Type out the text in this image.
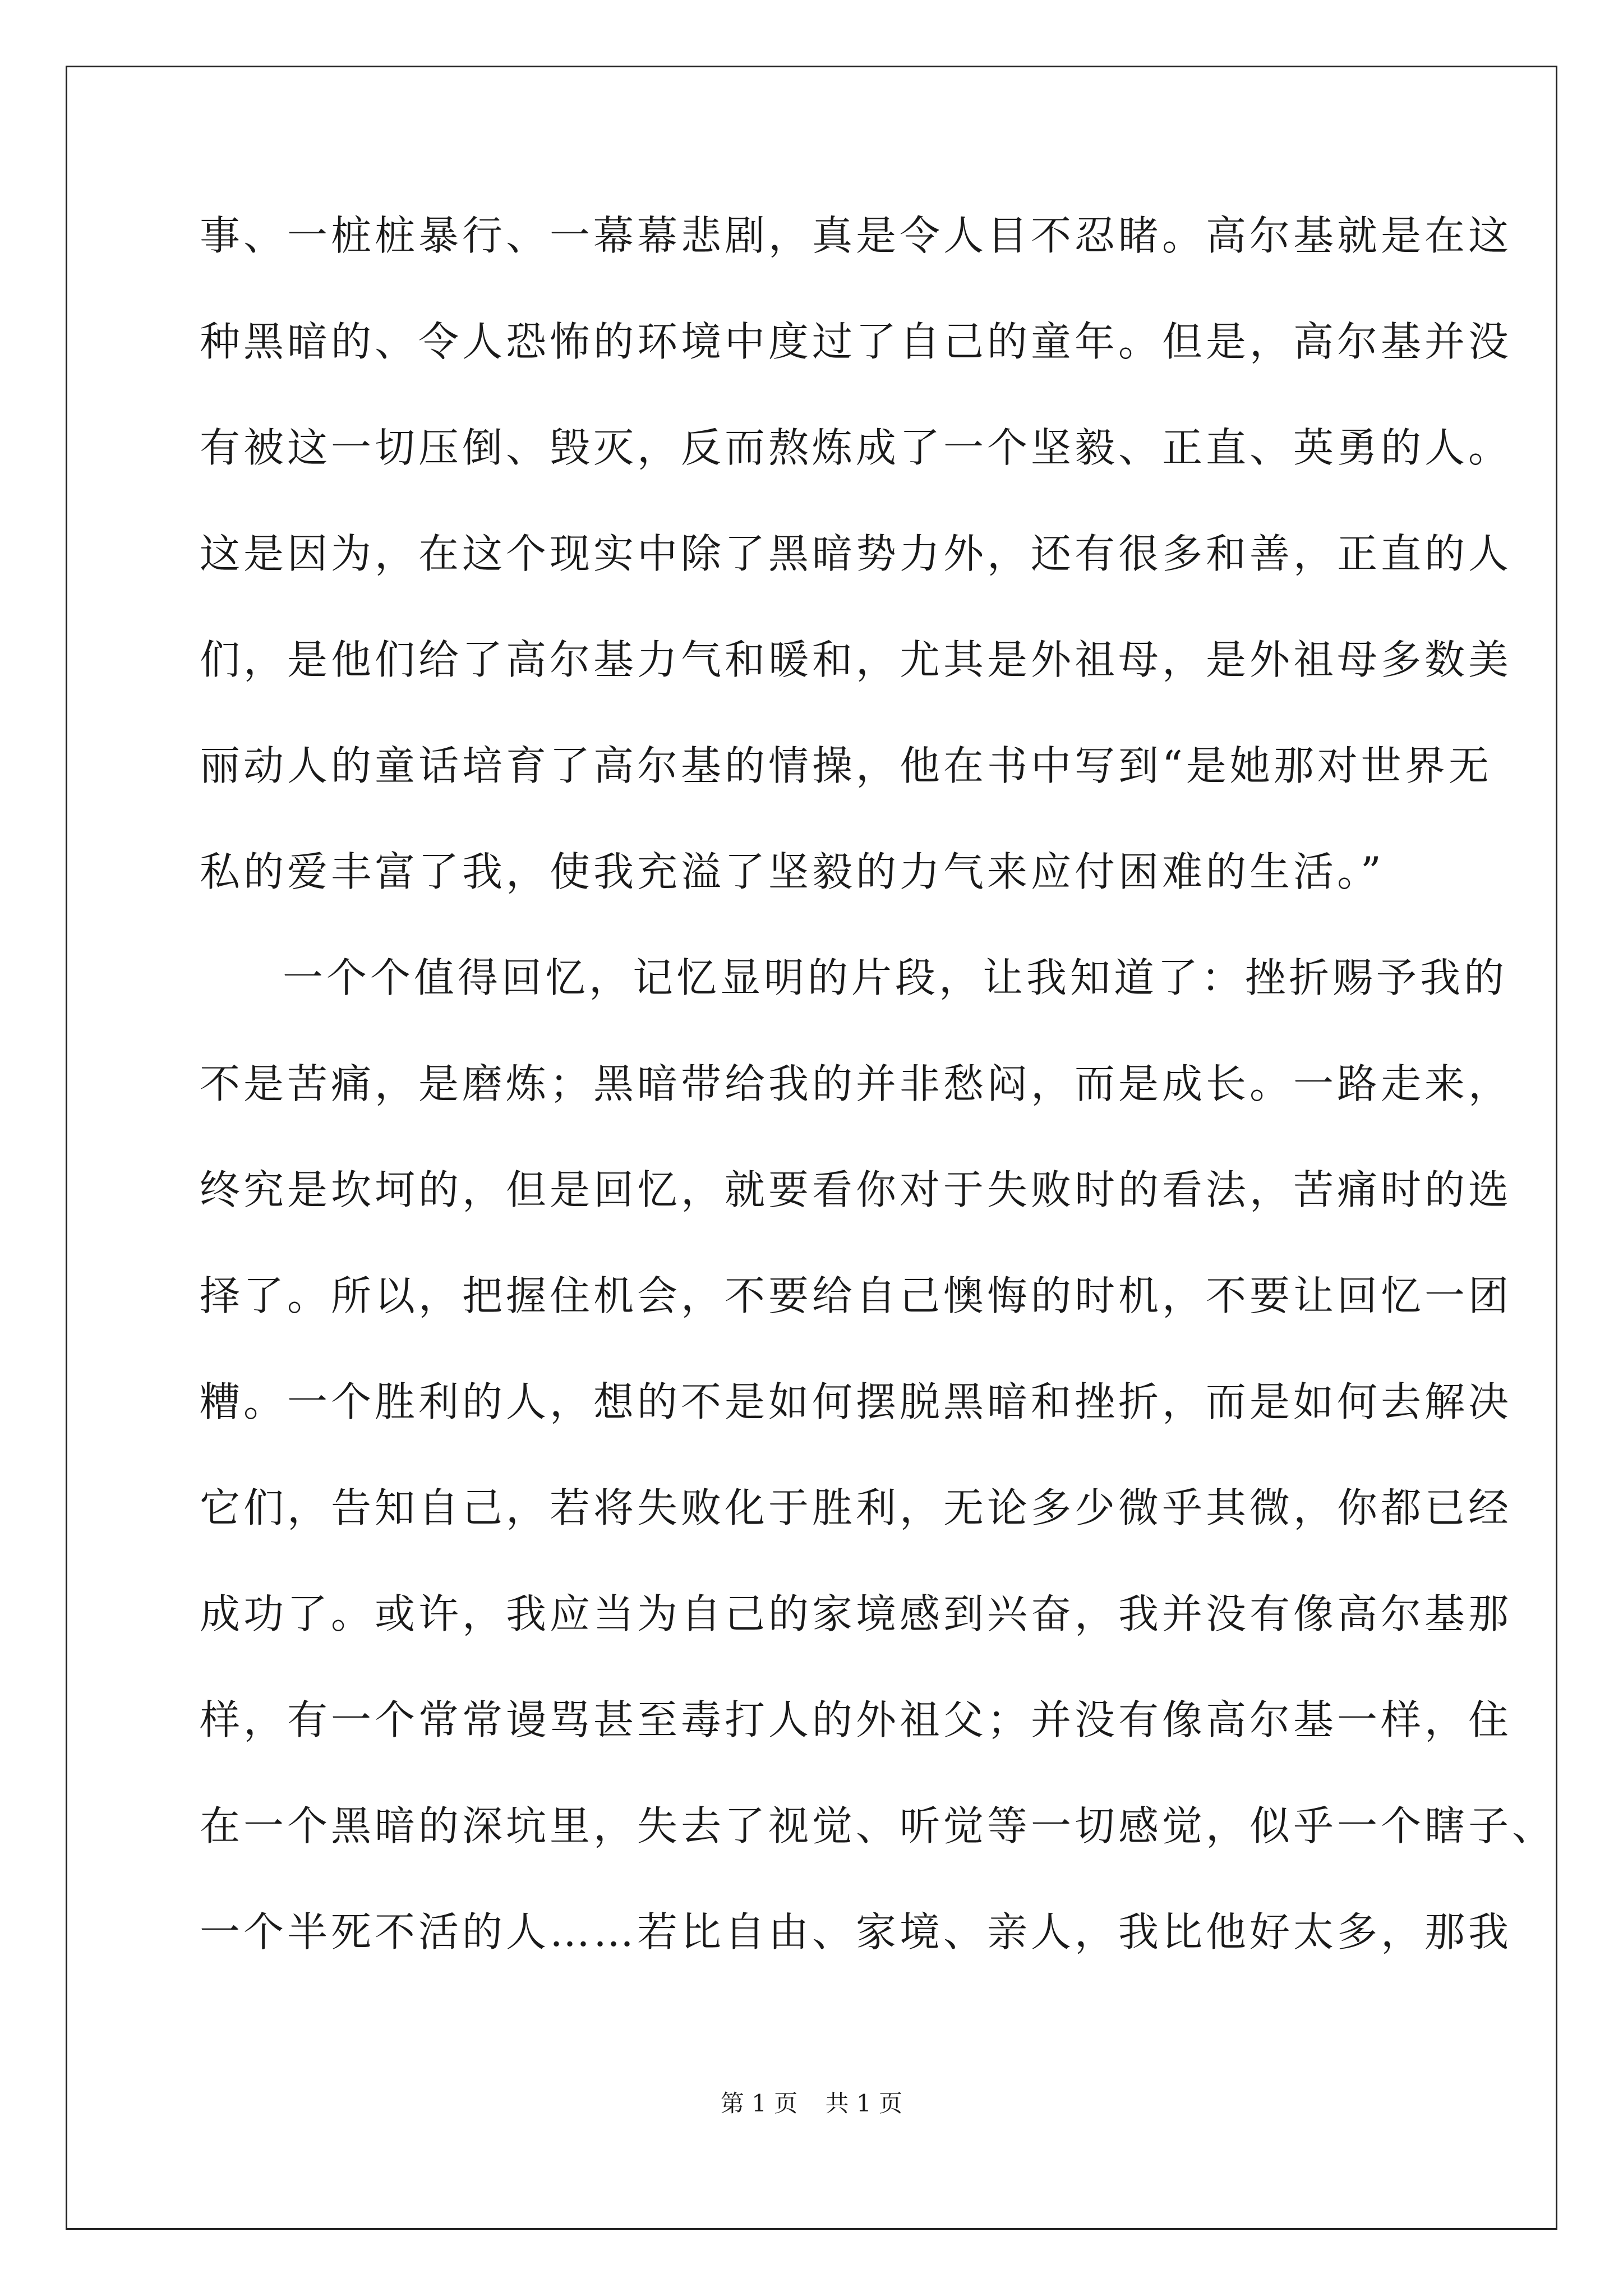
事、一桩桩暴行、一幕幕悲剧，真是令人目不忍睹。高尔基就是在这
种黑暗的、令人恐怖的环境中度过了自己的童年。但是，高尔基并没
有被这一切压倒、毁灭，反而熬炼成了一个坚毅、正直、英勇的人。
这是因为，在这个现实中除了黑暗势力外，还有很多和善，正直的人
们，是他们给了高尔基力气和暖和，尤其是外祖母，是外祖母多数美
丽动人的童话培育了高尔基的情操，他在书中写到“是她那对世界无
私的爱丰富了我，使我充溢了坚毅的力气来应付困难的生活。”
一个个值得回忆，记忆显明的片段，让我知道了：挫折赐予我的
不是苦痛，是磨炼；黑暗带给我的并非愁闷，而是成长。一路走来，
终究是坎坷的，但是回忆，就要看你对于失败时的看法，苦痛时的选
择了。所以，把握住机会，不要给自己懊悔的时机，不要让回忆一团
糟。一个胜利的人，想的不是如何摆脱黑暗和挫折，而是如何去解决
它们，告知自己，若将失败化于胜利，无论多少微乎其微，你都已经
成功了。或许，我应当为自己的家境感到兴奋，我并没有像高尔基那
样，有一个常常谩骂甚至毒打人的外祖父；并没有像高尔基一样，住
在一个黑暗的深坑里，失去了视觉、听觉等一切感觉，似乎一个瞎子、
一个半死不活的人……若比自由、家境、亲人，我比他好太多，那我
第 1 页 共 1 页
